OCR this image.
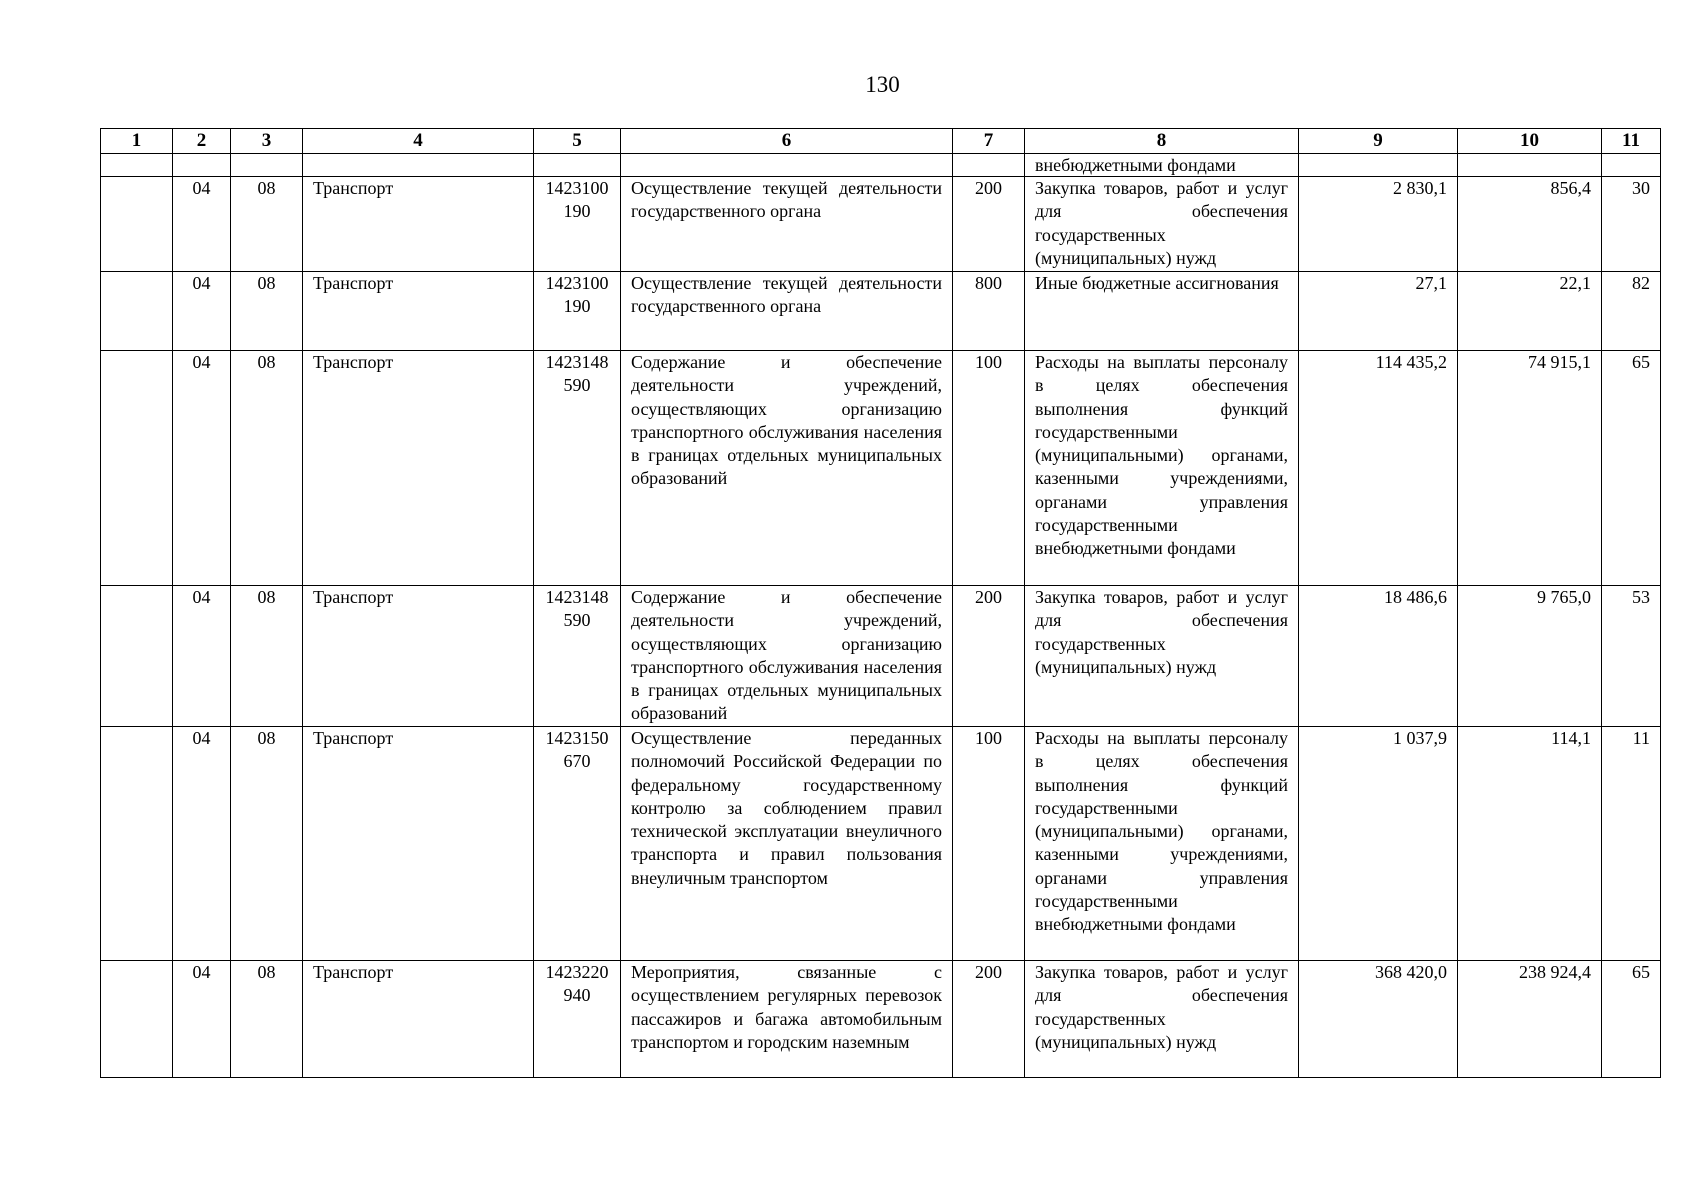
130
1	2	3	4	5	6	7	8	9	10	11
							внебюджетными фондами			
	04	08	Транспорт	1423100190	Осуществление текущей деятельности государственного органа	200	Закупка товаров, работ и услуг для обеспечения государственных (муниципальных) нужд	2 830,1	856,4	30
	04	08	Транспорт	1423100190	Осуществление текущей деятельности государственного органа	800	Иные бюджетные ассигнования	27,1	22,1	82
	04	08	Транспорт	1423148590	Содержание и обеспечение деятельности учреждений, осуществляющих организацию транспортного обслуживания населения в границах отдельных муниципальных образований	100	Расходы на выплаты персоналу в целях обеспечения выполнения функций государственными (муниципальными) органами, казенными учреждениями, органами управления государственными внебюджетными фондами	114 435,2	74 915,1	65
	04	08	Транспорт	1423148590	Содержание и обеспечение деятельности учреждений, осуществляющих организацию транспортного обслуживания населения в границах отдельных муниципальных образований	200	Закупка товаров, работ и услуг для обеспечения государственных (муниципальных) нужд	18 486,6	9 765,0	53
	04	08	Транспорт	1423150670	Осуществление переданных полномочий Российской Федерации по федеральному государственному контролю за соблюдением правил технической эксплуатации внеуличного транспорта и правил пользования внеуличным транспортом	100	Расходы на выплаты персоналу в целях обеспечения выполнения функций государственными (муниципальными) органами, казенными учреждениями, органами управления государственными внебюджетными фондами	1 037,9	114,1	11
	04	08	Транспорт	1423220940	Мероприятия, связанные с осуществлением регулярных перевозок пассажиров и багажа автомобильным транспортом и городским наземным	200	Закупка товаров, работ и услуг для обеспечения государственных (муниципальных) нужд	368 420,0	238 924,4	65
